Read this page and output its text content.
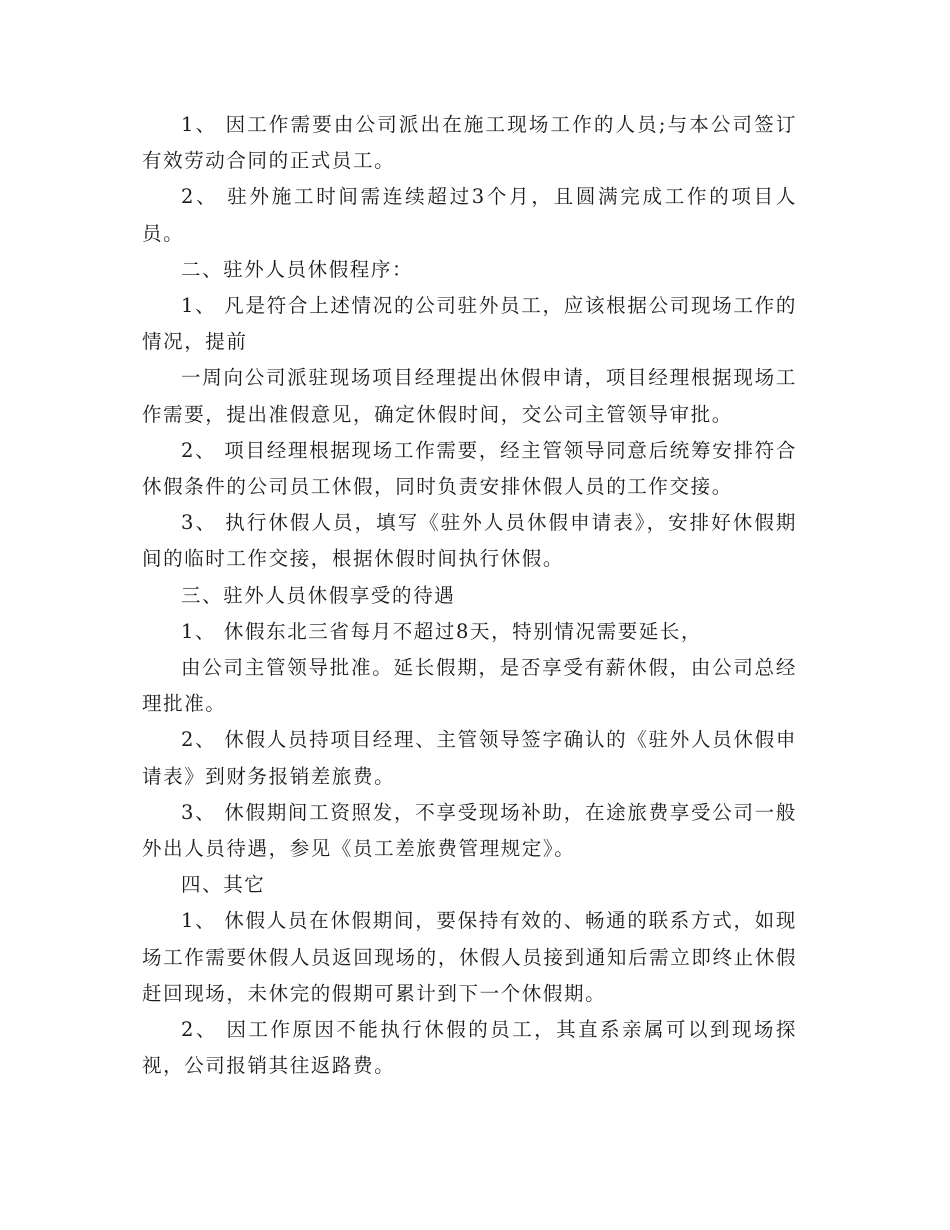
1、 因工作需要由公司派出在施工现场工作的人员;与本公司签订有效劳动合同的正式员工。

2、 驻外施工时间需连续超过3个月，且圆满完成工作的项目人员。

二、驻外人员休假程序：

1、 凡是符合上述情况的公司驻外员工，应该根据公司现场工作的情况，提前

一周向公司派驻现场项目经理提出休假申请，项目经理根据现场工作需要，提出准假意见，确定休假时间，交公司主管领导审批。

2、 项目经理根据现场工作需要，经主管领导同意后统筹安排符合休假条件的公司员工休假，同时负责安排休假人员的工作交接。

3、 执行休假人员，填写《驻外人员休假申请表》，安排好休假期间的临时工作交接，根据休假时间执行休假。

三、驻外人员休假享受的待遇

1、 休假东北三省每月不超过8天，特别情况需要延长，

由公司主管领导批准。延长假期，是否享受有薪休假，由公司总经理批准。

2、 休假人员持项目经理、主管领导签字确认的《驻外人员休假申请表》到财务报销差旅费。

3、 休假期间工资照发，不享受现场补助，在途旅费享受公司一般外出人员待遇，参见《员工差旅费管理规定》。

四、其它

1、 休假人员在休假期间，要保持有效的、畅通的联系方式，如现场工作需要休假人员返回现场的，休假人员接到通知后需立即终止休假赶回现场，未休完的假期可累计到下一个休假期。

2、 因工作原因不能执行休假的员工，其直系亲属可以到现场探视，公司报销其往返路费。
